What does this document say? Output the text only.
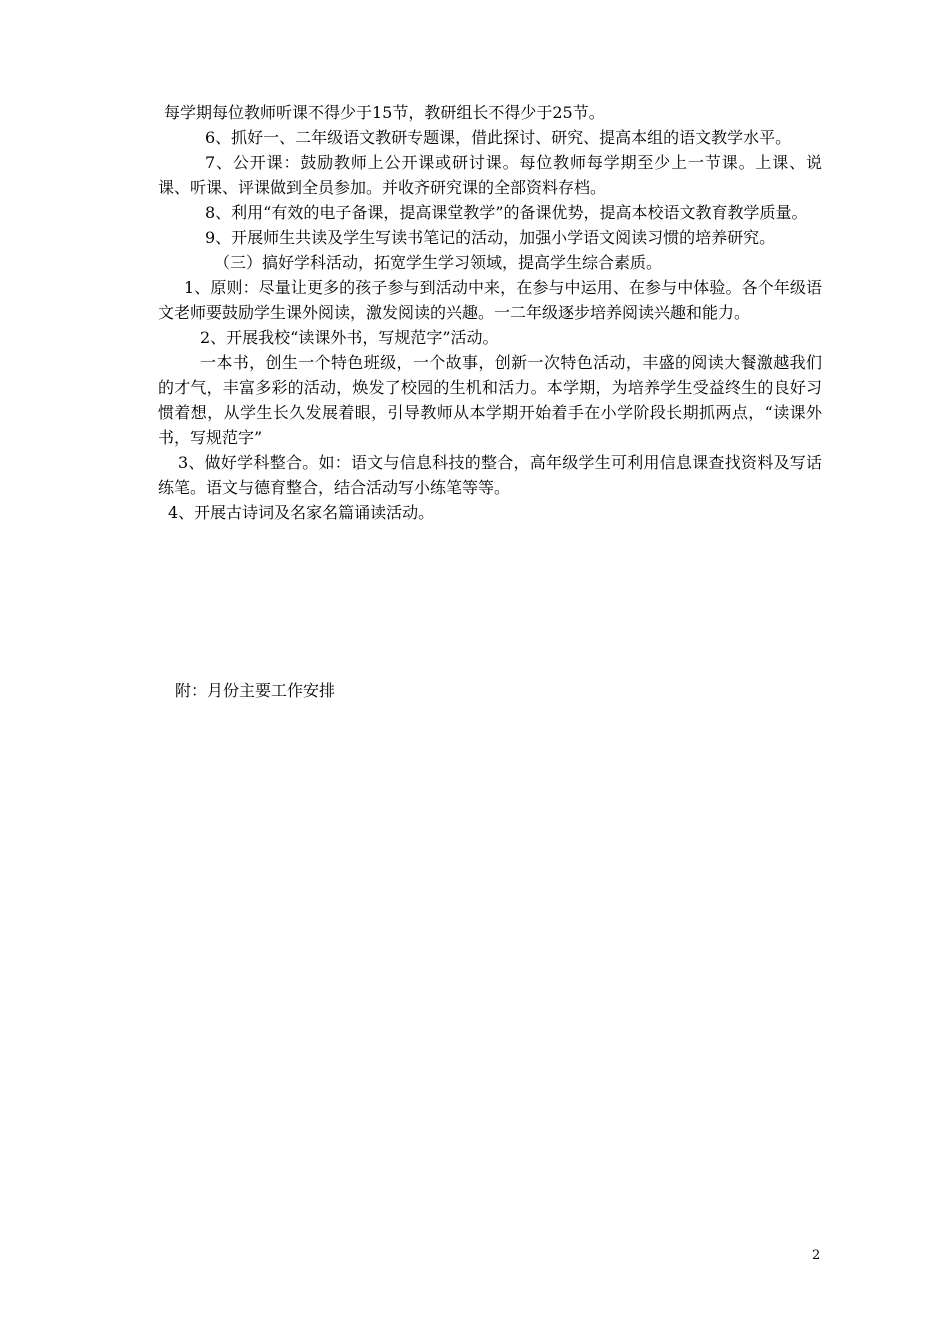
每学期每位教师听课不得少于15节，教研组长不得少于25节。

6、抓好一、二年级语文教研专题课，借此探讨、研究、提高本组的语文教学水平。

7、公开课：鼓励教师上公开课或研讨课。每位教师每学期至少上一节课。上课、说课、听课、评课做到全员参加。并收齐研究课的全部资料存档。

8、利用“有效的电子备课，提高课堂教学”的备课优势，提高本校语文教育教学质量。

9、开展师生共读及学生写读书笔记的活动，加强小学语文阅读习惯的培养研究。

（三）搞好学科活动，拓宽学生学习领域，提高学生综合素质。

1、原则：尽量让更多的孩子参与到活动中来，在参与中运用、在参与中体验。各个年级语文老师要鼓励学生课外阅读，激发阅读的兴趣。一二年级逐步培养阅读兴趣和能力。

2、开展我校“读课外书，写规范字”活动。

一本书，创生一个特色班级，一个故事，创新一次特色活动，丰盛的阅读大餐激越我们的才气，丰富多彩的活动，焕发了校园的生机和活力。本学期，为培养学生受益终生的良好习惯着想，从学生长久发展着眼，引导教师从本学期开始着手在小学阶段长期抓两点，“读课外书，写规范字”

3、做好学科整合。如：语文与信息科技的整合，高年级学生可利用信息课查找资料及写话练笔。语文与德育整合，结合活动写小练笔等等。

4、开展古诗词及名家名篇诵读活动。

附：月份主要工作安排
2
